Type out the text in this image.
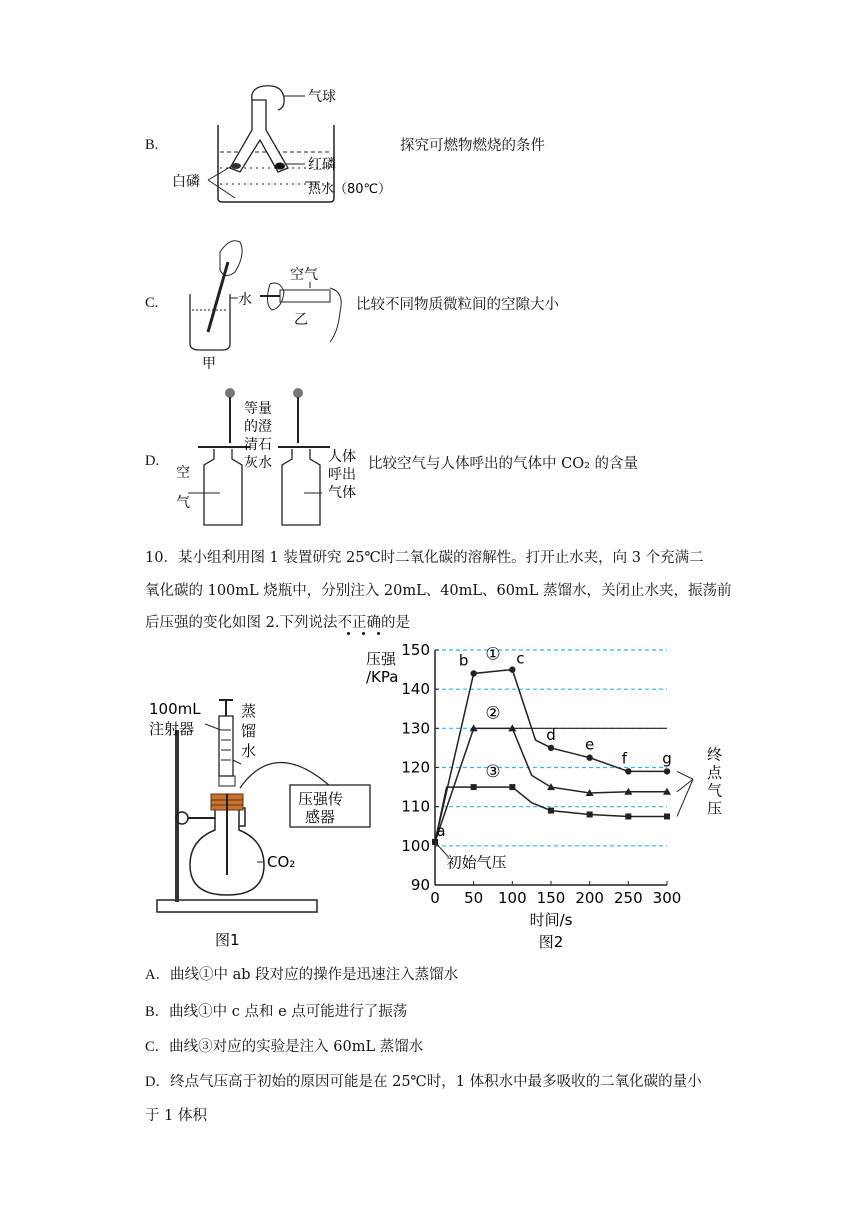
B.
气球
红磷
白磷	热水（80℃）
探究可燃物燃烧的条件
C.	水
甲
空气
乙
比较不同物质微粒间的空隙大小
D.
等量
的澄
清石
灰水
空
气
人体
呼出
气体
比较空气与人体呼出的气体中 CO₂ 的含量
10．某小组利用图 1 装置研究 25℃时二氧化碳的溶解性。打开止水夹，向 3 个充满二
氧化碳的 100mL 烧瓶中，分别注入 20mL、40mL、60mL 蒸馏水，关闭止水夹，振荡前
后压强的变化如图 2.下列说法不正确的是
100mL
注射器
蒸
馏
水
压强传
感器
CO₂
图1
0 50 100 150 200 250 300
90
100
110
120
130
140
150
压强
/KPa
时间/s
图2
①
②
③
a
b	c
d
e
f g
初始气压
终
点
气
压
A．曲线①中 ab 段对应的操作是迅速注入蒸馏水
B．曲线①中 c 点和 e 点可能进行了振荡
C．曲线③对应的实验是注入 60mL 蒸馏水
D．终点气压高于初始的原因可能是在 25℃时，1 体积水中最多吸收的二氧化碳的量小
于 1 体积
